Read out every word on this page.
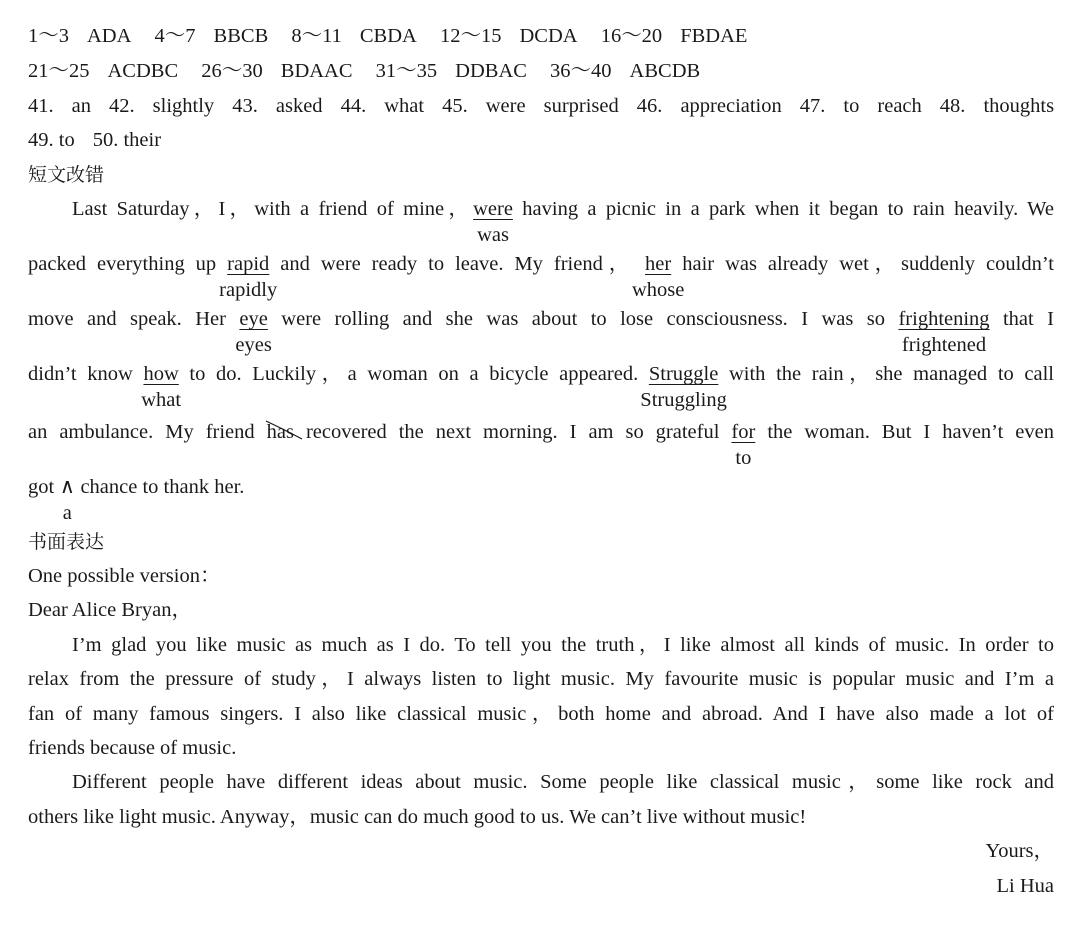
1～3 ADA 4～7 BBCB 8～11 CBDA 12～15 DCDA 16～20 FBDAE
21～25 ACDBC 26～30 BDAAC 31～35 DDBAC 36～40 ABCDB
41. an 42. slightly 43. asked 44. what 45. were surprised 46. appreciation 47. to reach 48. thoughts
49. to 50. their
短文改错
Last Saturday，I，with a friend of mine，were
was
having a picnic in a park when it began to rain heavily. We
packed everything up rapid
rapidly
and were ready to leave. My friend， her
whose
hair was already wet，suddenly couldn’t
move and speak. Her eye
eyes
were rolling and she was about to lose consciousness. I was so frightening
frightened
that I
didn’t know how
what
to do. Luckily，a woman on a bicycle appeared. Struggle
Struggling
with the rain，she managed to call
an ambulance. My friend has
recovered the next morning. I am so grateful for
to
the woman. But I haven’t even
got ∧
a
chance to thank her.
书面表达
One possible version：
Dear Alice Bryan，
I’m glad you like music as much as I do. To tell you the truth，I like almost all kinds of music. In order to
relax from the pressure of study，I always listen to light music. My favourite music is popular music and I’m a
fan of many famous singers. I also like classical music，both home and abroad. And I have also made a lot of
friends because of music.
Different people have different ideas about music. Some people like classical music，some like rock and
others like light music. Anyway，music can do much good to us. We can’t live without music!
Yours，
Li Hua
